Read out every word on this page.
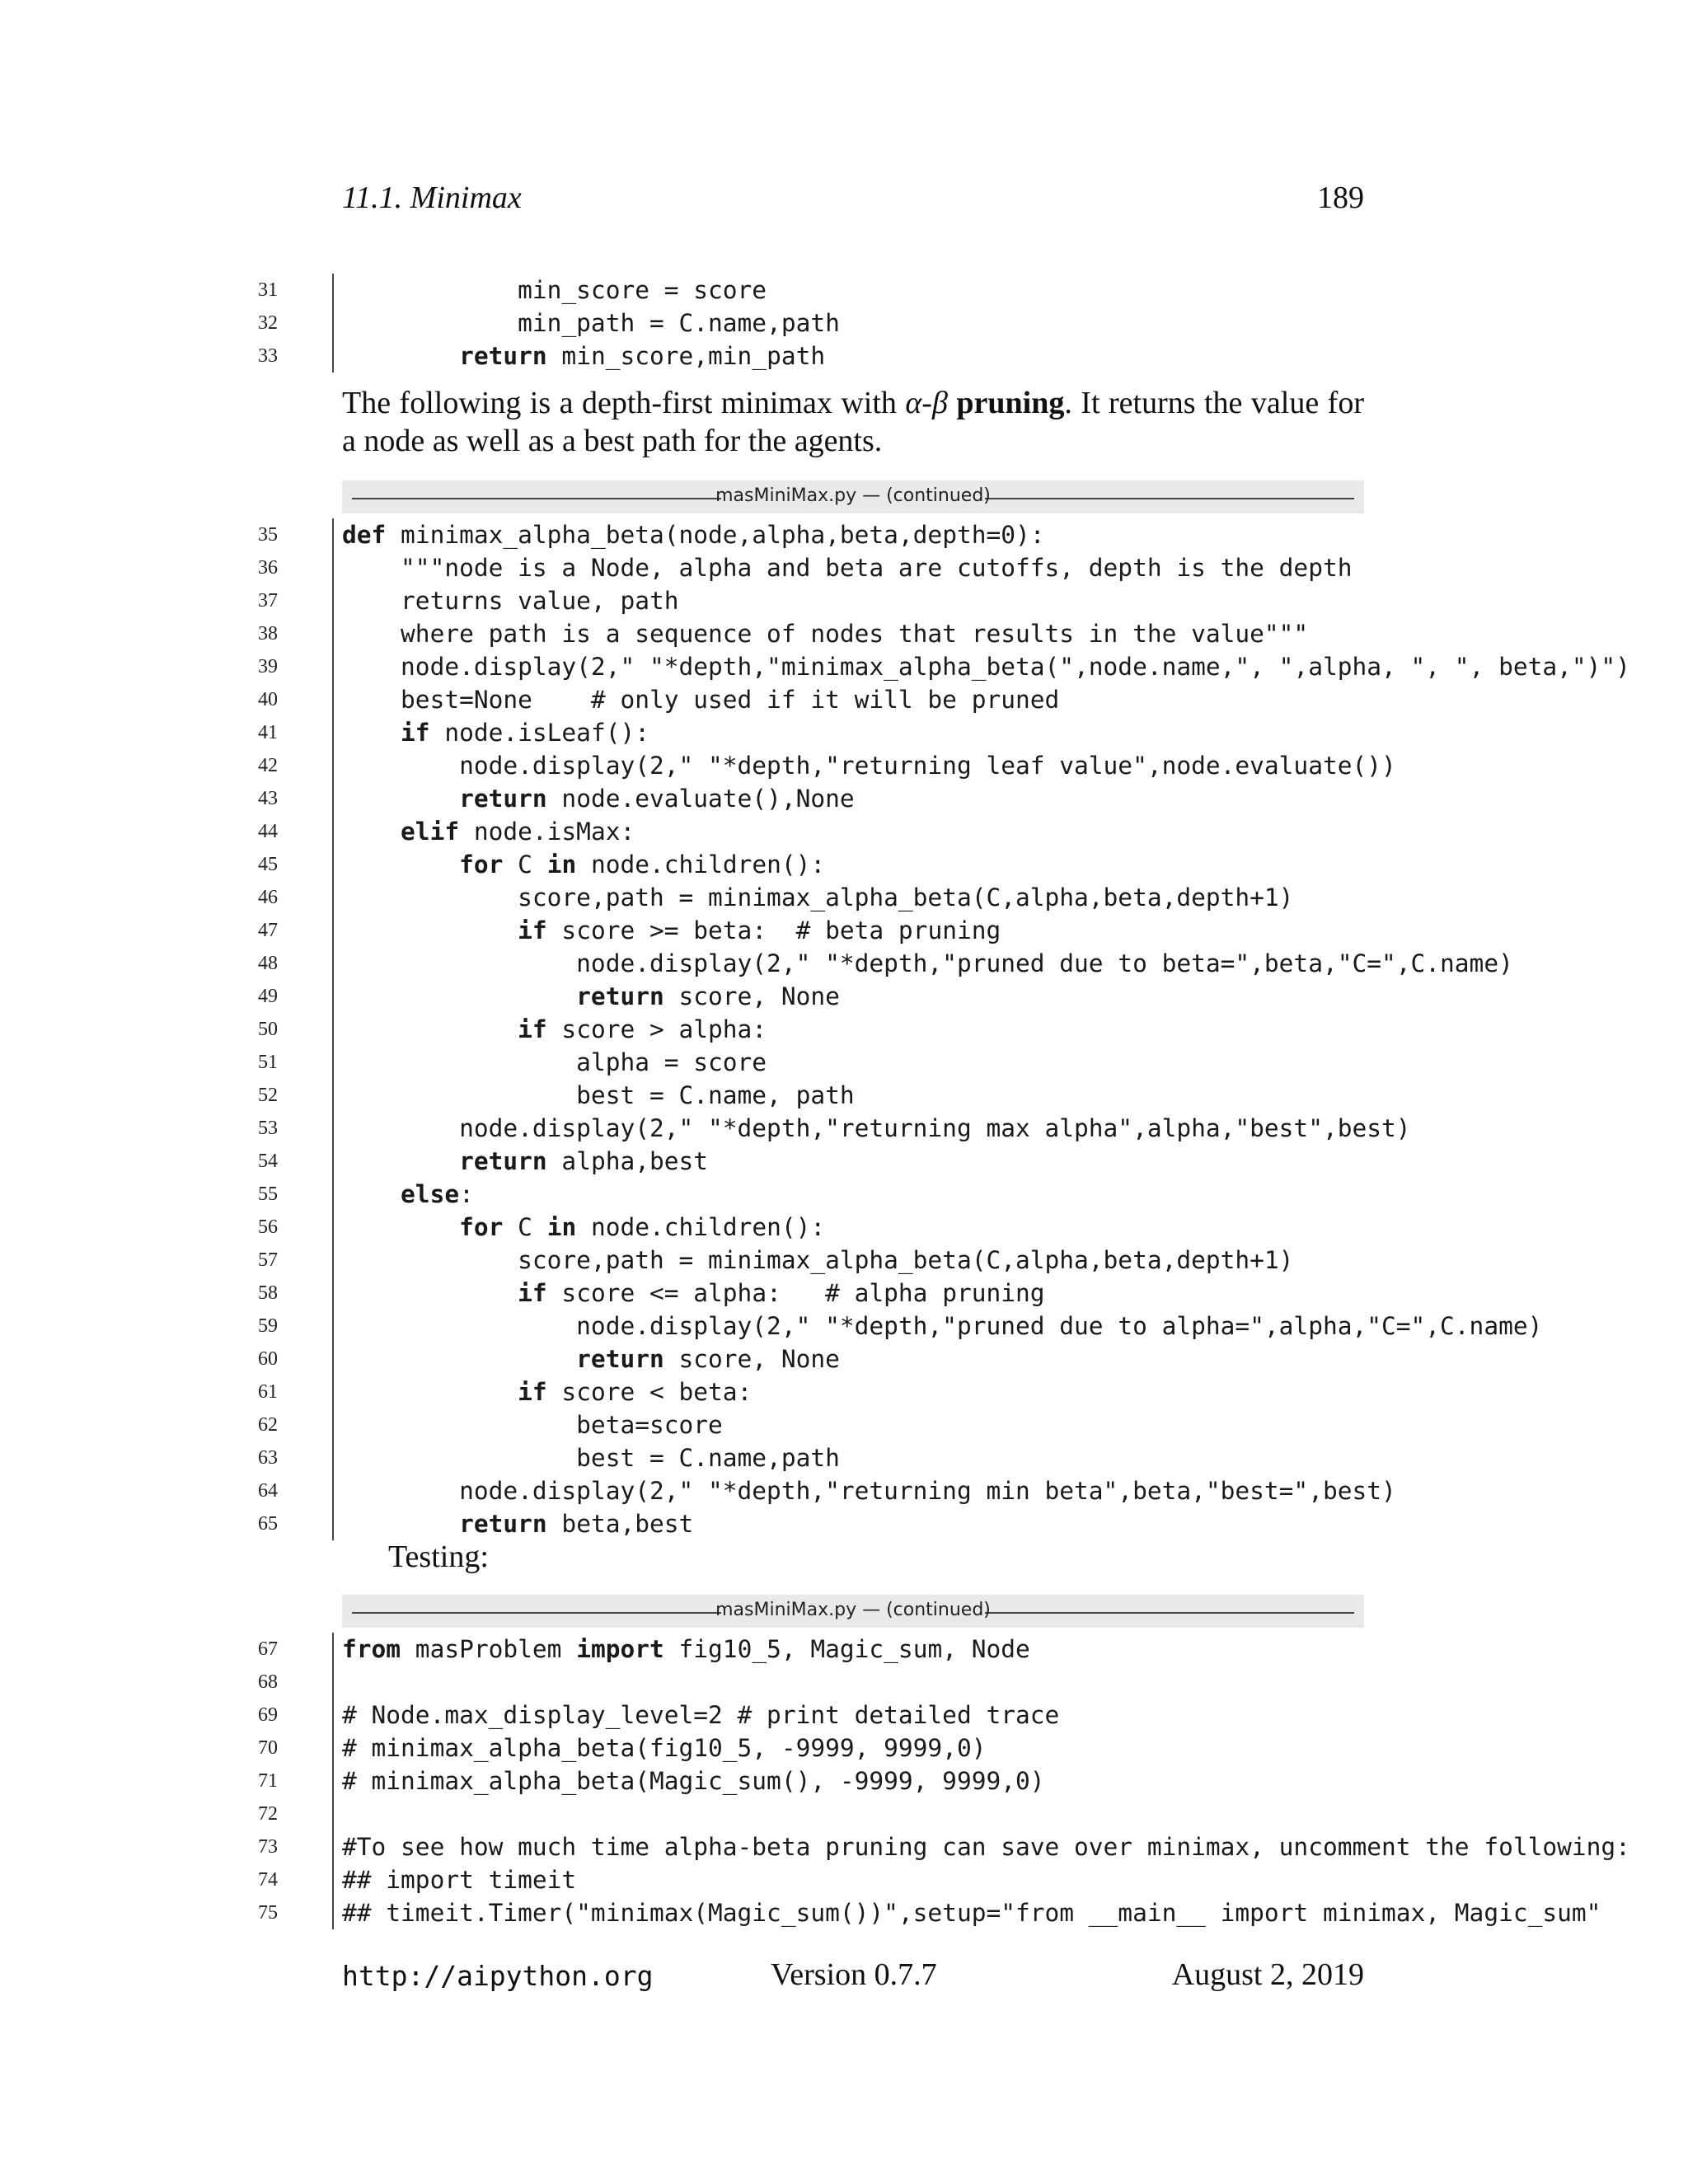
11.1. Minimax	189
31	min_score = score
32	min_path = C.name,path
33	return min_score,min_path
The following is a depth-first minimax with α-β pruning. It returns the value for a node as well as a best path for the agents.
masMiniMax.py — (continued)
35	def minimax_alpha_beta(node,alpha,beta,depth=0):
36	"""node is a Node, alpha and beta are cutoffs, depth is the depth
37	returns value, path
38	where path is a sequence of nodes that results in the value"""
39	node.display(2," "*depth,"minimax_alpha_beta(",node.name,", ",alpha, ", ", beta,")")
40	best=None    # only used if it will be pruned
41	if node.isLeaf():
42	node.display(2," "*depth,"returning leaf value",node.evaluate())
43	return node.evaluate(),None
44	elif node.isMax:
45	for C in node.children():
46	score,path = minimax_alpha_beta(C,alpha,beta,depth+1)
47	if score >= beta:  # beta pruning
48	node.display(2," "*depth,"pruned due to beta=",beta,"C=",C.name)
49	return score, None
50	if score > alpha:
51	alpha = score
52	best = C.name, path
53	node.display(2," "*depth,"returning max alpha",alpha,"best",best)
54	return alpha,best
55	else:
56	for C in node.children():
57	score,path = minimax_alpha_beta(C,alpha,beta,depth+1)
58	if score <= alpha:   # alpha pruning
59	node.display(2," "*depth,"pruned due to alpha=",alpha,"C=",C.name)
60	return score, None
61	if score < beta:
62	beta=score
63	best = C.name,path
64	node.display(2," "*depth,"returning min beta",beta,"best=",best)
65	return beta,best
Testing:
masMiniMax.py — (continued)
67	from masProblem import fig10_5, Magic_sum, Node
68
69	# Node.max_display_level=2 # print detailed trace
70	# minimax_alpha_beta(fig10_5, -9999, 9999,0)
71	# minimax_alpha_beta(Magic_sum(), -9999, 9999,0)
72
73	#To see how much time alpha-beta pruning can save over minimax, uncomment the following:
74	## import timeit
75	## timeit.Timer("minimax(Magic_sum())",setup="from __main__ import minimax, Magic_sum"
http://aipython.org	Version 0.7.7	August 2, 2019
